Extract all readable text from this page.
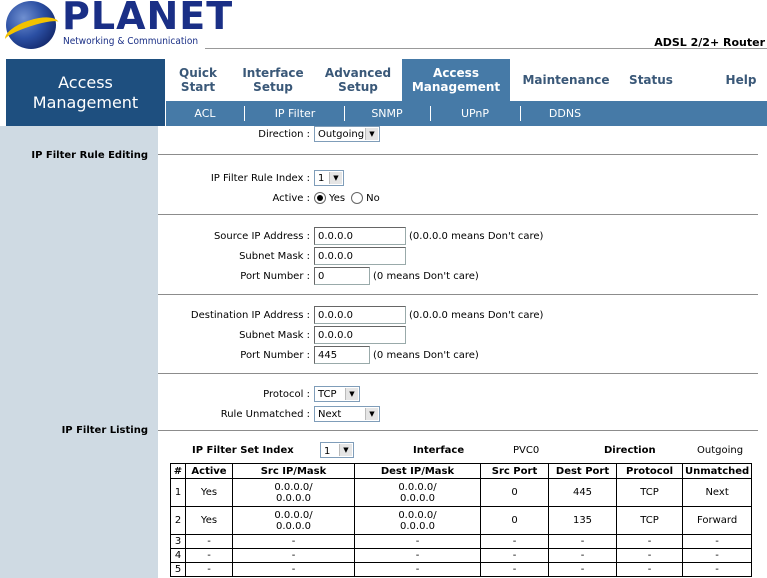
PLANET
Networking & Communication	ADSL 2/2+ Router
Access
Management
Quick
Start
Interface
Setup
Advanced
Setup
Access
Management Maintenance Status	Help
ACL	IP Filter	SNMP	UPnP	DDNS
IP Filter Rule Editing
IP Filter Listing
Direction : Outgoing ▼
IP Filter Rule Index : 1	▼
Active :	Yes No
Source IP Address : 0.0.0.0	(0.0.0.0 means Don't care)
Subnet Mask : 0.0.0.0
Port Number : 0	(0 means Don't care)
Destination IP Address : 0.0.0.0	(0.0.0.0 means Don't care)
Subnet Mask : 0.0.0.0
Port Number : 445	(0 means Don't care)
Protocol : TCP	▼
Rule Unmatched : Next	▼
IP Filter Set Index	1	▼	Interface	PVC0	Direction	Outgoing
#	Active	Src IP/Mask	Dest IP/Mask	Src Port	Dest Port	Protocol	Unmatched
1	Yes	0.0.0.0/
0.0.0.0	0.0.0.0/
0.0.0.0	0	445	TCP	Next
2	Yes	0.0.0.0/
0.0.0.0	0.0.0.0/
0.0.0.0	0	135	TCP	Forward
3	-	-	-	-	-	-	-
4	-	-	-	-	-	-	-
5	-	-	-	-	-	-	-
